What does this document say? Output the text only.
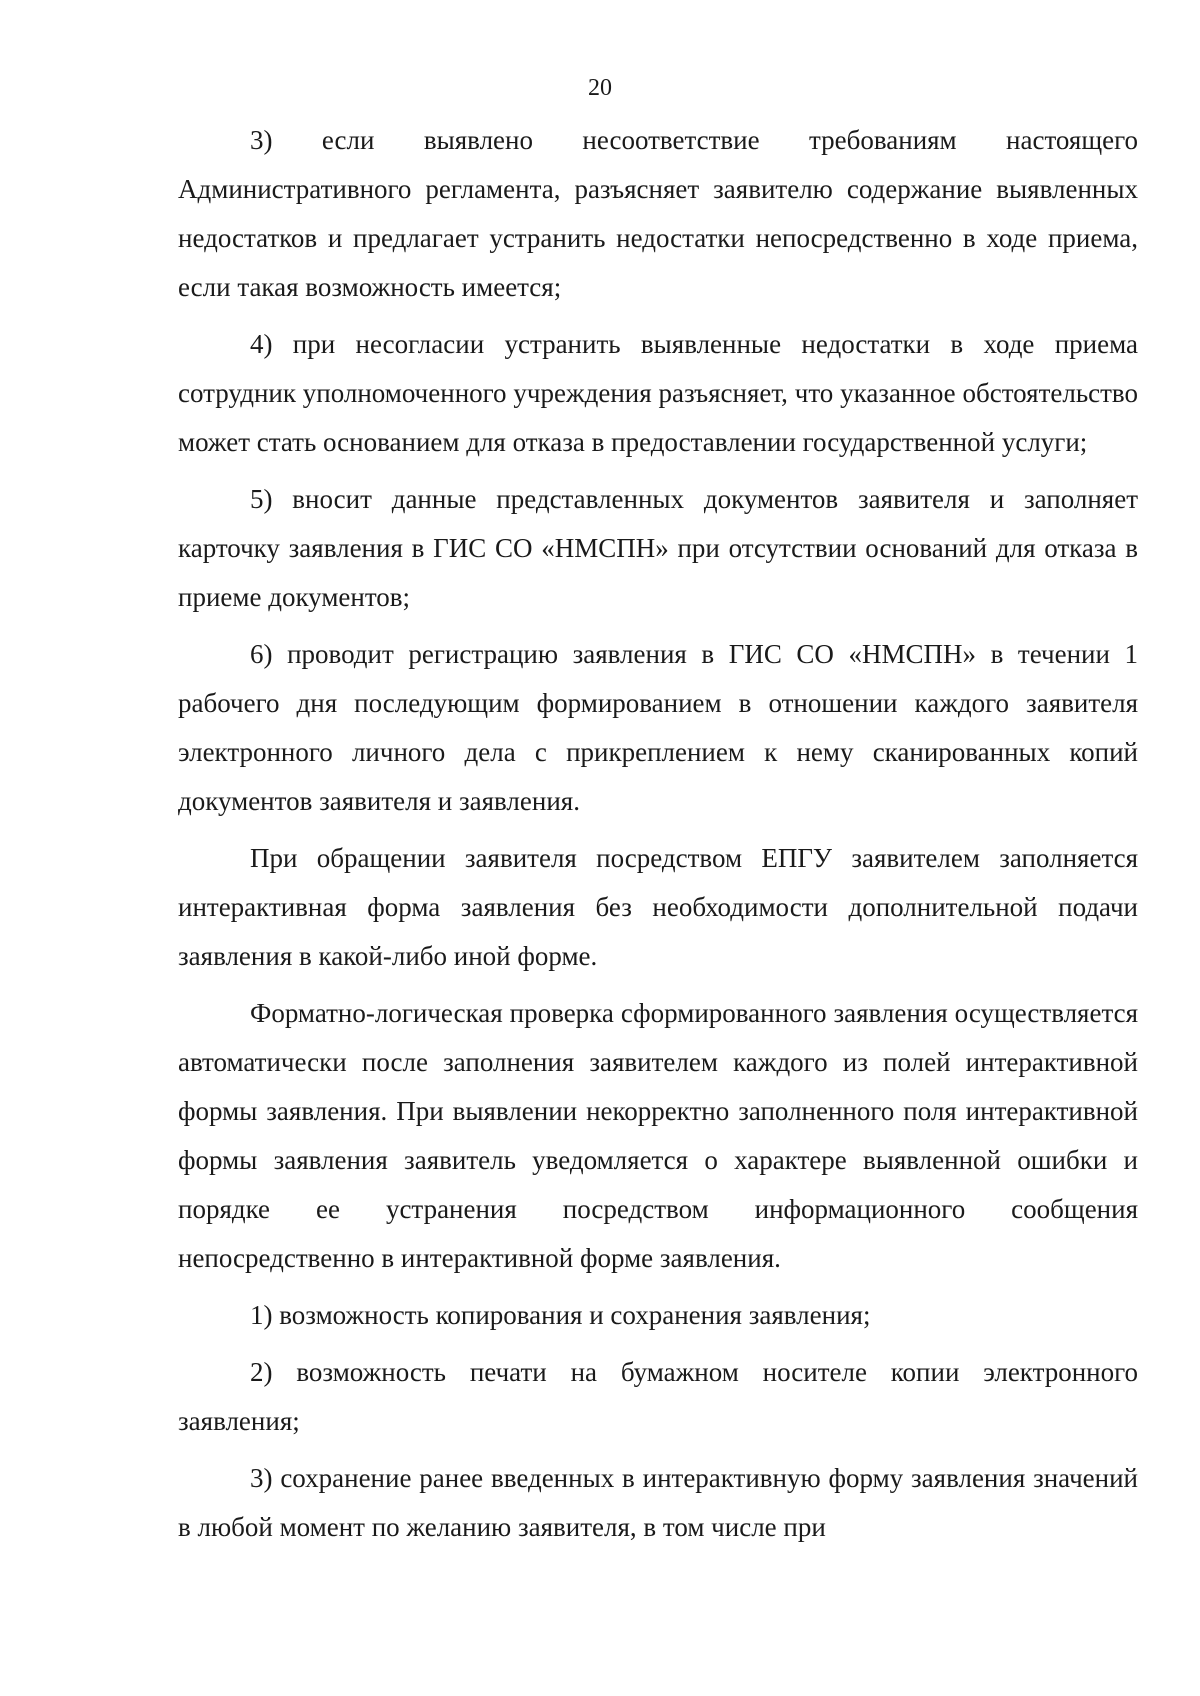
20

3) если выявлено несоответствие требованиям настоящего Административного регламента, разъясняет заявителю содержание выявленных недостатков и предлагает устранить недостатки непосредственно в ходе приема, если такая возможность имеется;

4) при несогласии устранить выявленные недостатки в ходе приема сотрудник уполномоченного учреждения разъясняет, что указанное обстоятельство может стать основанием для отказа в предоставлении государственной услуги;

5) вносит данные представленных документов заявителя и заполняет карточку заявления в ГИС СО «НМСПН» при отсутствии оснований для отказа в приеме документов;

6) проводит регистрацию заявления в ГИС СО «НМСПН» в течении 1 рабочего дня последующим формированием в отношении каждого заявителя электронного личного дела с прикреплением к нему сканированных копий документов заявителя и заявления.

При обращении заявителя посредством ЕПГУ заявителем заполняется интерактивная форма заявления без необходимости дополнительной подачи заявления в какой-либо иной форме.

Форматно-логическая проверка сформированного заявления осуществляется автоматически после заполнения заявителем каждого из полей интерактивной формы заявления. При выявлении некорректно заполненного поля интерактивной формы заявления заявитель уведомляется о характере выявленной ошибки и порядке ее устранения посредством информационного сообщения непосредственно в интерактивной форме заявления.

1) возможность копирования и сохранения заявления;

2) возможность печати на бумажном носителе копии электронного заявления;

3) сохранение ранее введенных в интерактивную форму заявления значений в любой момент по желанию заявителя, в том числе при
